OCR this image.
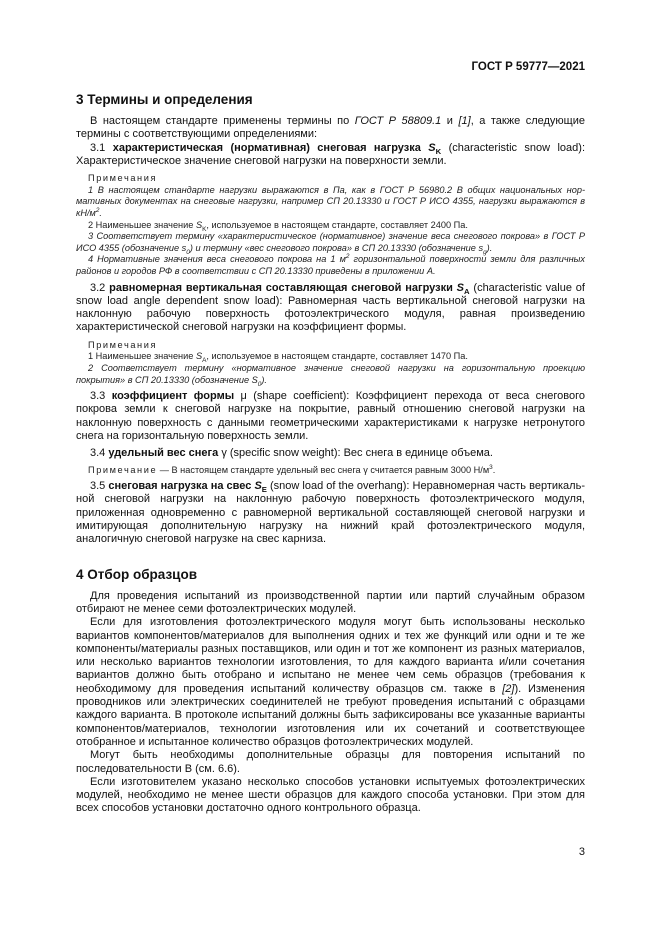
ГОСТ Р 59777—2021
3 Термины и определения

В настоящем стандарте применены термины по ГОСТ Р 58809.1 и [1], а также следующие термины с соответствующими определениями:

3.1 характеристическая (нормативная) снеговая нагрузка $S_K$ (characteristic snow load): Характеристическое значение снеговой нагрузки на поверхности земли.

Примечания

1 В настоящем стандарте нагрузки выражаются в Па, как в ГОСТ Р 56980.2 В общих национальных нормативных документах на снеговые нагрузки, например СП 20.13330 и ГОСТ Р ИСО 4355, нагрузки выражаются в $кН/м^2$.

2 Наименьшее значение $S_K$, используемое в настоящем стандарте, составляет 2400 Па.

3 Соответствует термину «характеристическое (нормативное) значение веса снегового покрова» в ГОСТ Р ИСО 4355 (обозначение $s_0$) и термину «вес снегового покрова» в СП 20.13330 (обозначение $s_g$).

4 Нормативные значения веса снегового покрова на 1 $м^2$ горизонтальной поверхности земли для различных районов и городов РФ в соответствии с СП 20.13330 приведены в приложении А.

3.2 равномерная вертикальная составляющая снеговой нагрузки $S_A$ (characteristic value of snow load angle dependent snow load): Равномерная часть вертикальной снеговой нагрузки на наклонную рабочую поверхность фотоэлектрического модуля, равная произведению характеристической снеговой нагрузки на коэффициент формы.

Примечания

1 Наименьшее значение $S_A$, используемое в настоящем стандарте, составляет 1470 Па.

2 Соответствует термину «нормативное значение снеговой нагрузки на горизонтальную проекцию покрытия» в СП 20.13330 (обозначение $S_0$).

3.3 коэффициент формы μ (shape coefficient): Коэффициент перехода от веса снегового покрова земли к снеговой нагрузке на покрытие, равный отношению снеговой нагрузки на наклонную поверхность с данными геометрическими характеристиками к нагрузке нетронутого снега на горизонтальную поверхность земли.

3.4 удельный вес снега γ (specific snow weight): Вес снега в единице объема.

Примечание — В настоящем стандарте удельный вес снега γ считается равным 3000 $Н/м^3$.

3.5 снеговая нагрузка на свес $S_E$ (snow load of the overhang): Неравномерная часть вертикальной снеговой нагрузки на наклонную рабочую поверхность фотоэлектрического модуля, приложенная одновременно с равномерной вертикальной составляющей снеговой нагрузки и имитирующая дополнительную нагрузку на нижний край фотоэлектрического модуля, аналогичную снеговой нагрузке на свес карниза.

4 Отбор образцов

Для проведения испытаний из производственной партии или партий случайным образом отбирают не менее семи фотоэлектрических модулей.

Если для изготовления фотоэлектрического модуля могут быть использованы несколько вариантов компонентов/материалов для выполнения одних и тех же функций или одни и те же компоненты/материалы разных поставщиков, или один и тот же компонент из разных материалов, или несколько вариантов технологии изготовления, то для каждого варианта и/или сочетания вариантов должно быть отобрано и испытано не менее чем семь образцов (требования к необходимому для проведения испытаний количеству образцов см. также в [2]). Изменения проводников или электрических соединителей не требуют проведения испытаний с образцами каждого варианта. В протоколе испытаний должны быть зафиксированы все указанные варианты компонентов/материалов, технологии изготовления или их сочетаний и соответствующее отобранное и испытанное количество образцов фотоэлектрических модулей.

Могут быть необходимы дополнительные образцы для повторения испытаний по последовательности В (см. 6.6).

Если изготовителем указано несколько способов установки испытуемых фотоэлектрических модулей, необходимо не менее шести образцов для каждого способа установки. При этом для всех способов установки достаточно одного контрольного образца.

3
